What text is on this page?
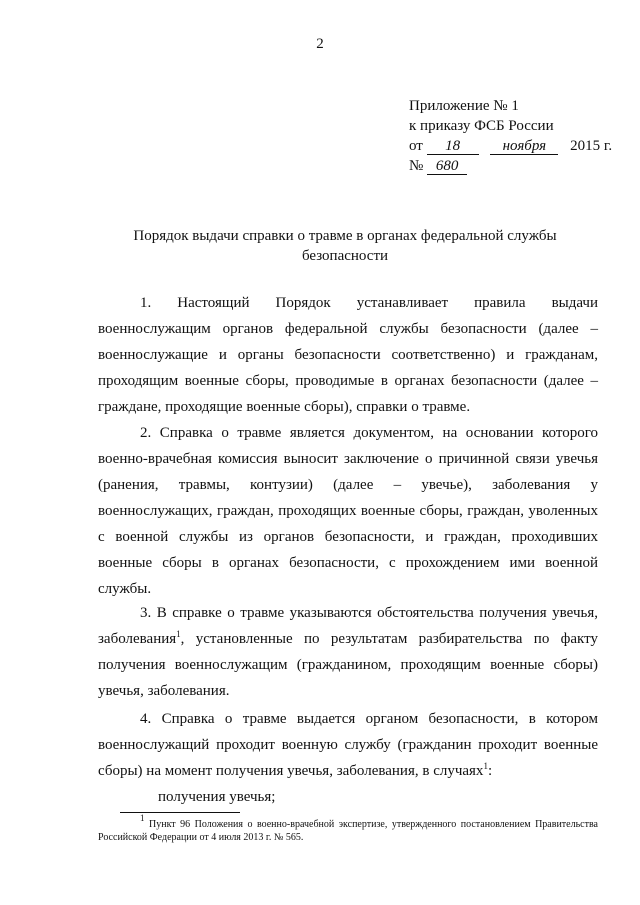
2
Приложение № 1
к приказу ФСБ России
от 18	ноября 2015 г.
№ 680
Порядок выдачи справки о травме в органах федеральной службы безопасности
1. Настоящий Порядок устанавливает правила выдачи военнослужащим органов федеральной службы безопасности (далее – военнослужащие и органы безопасности соответственно) и гражданам, проходящим военные сборы, проводимые в органах безопасности (далее – граждане, проходящие военные сборы), справки о травме.
2. Справка о травме является документом, на основании которого военно-врачебная комиссия выносит заключение о причинной связи увечья (ранения, травмы, контузии) (далее – увечье), заболевания у военнослужащих, граждан, проходящих военные сборы, граждан, уволенных с военной службы из органов безопасности, и граждан, проходивших военные сборы в органах безопасности, с прохождением ими военной службы.
3. В справке о травме указываются обстоятельства получения увечья, заболевания$^1$, установленные по результатам разбирательства по факту получения военнослужащим (гражданином, проходящим военные сборы) увечья, заболевания.
4. Справка о травме выдается органом безопасности, в котором военнослужащий проходит военную службу (гражданин проходит военные сборы) на момент получения увечья, заболевания, в случаях$^1$:
получения увечья;
$^1$ Пункт 96 Положения о военно-врачебной экспертизе, утвержденного постановлением Правительства Российской Федерации от 4 июля 2013 г. № 565.
